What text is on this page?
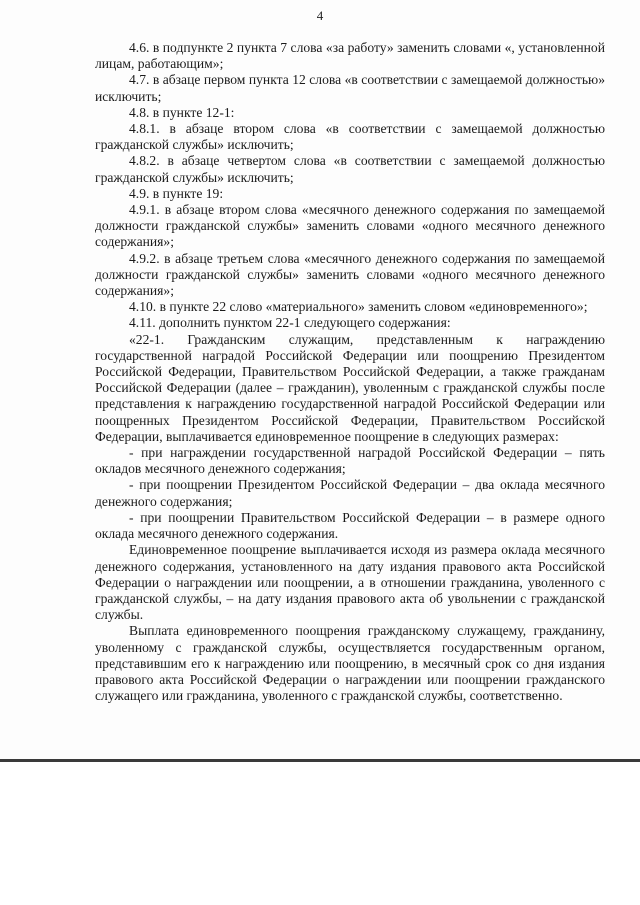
4

4.6. в подпункте 2 пункта 7 слова «за работу» заменить словами «, установленной лицам, работающим»;

4.7. в абзаце первом пункта 12 слова «в соответствии с замещаемой должностью» исключить;

4.8. в пункте 12-1:

4.8.1. в абзаце втором слова «в соответствии с замещаемой должностью гражданской службы» исключить;

4.8.2. в абзаце четвертом слова «в соответствии с замещаемой должностью гражданской службы» исключить;

4.9. в пункте 19:

4.9.1. в абзаце втором слова «месячного денежного содержания по замещаемой должности гражданской службы» заменить словами «одного месячного денежного содержания»;

4.9.2. в абзаце третьем слова «месячного денежного содержания по замещаемой должности гражданской службы» заменить словами «одного месячного денежного содержания»;

4.10. в пункте 22 слово «материального» заменить словом «единовременного»;

4.11. дополнить пунктом 22-1 следующего содержания:

«22-1. Гражданским служащим, представленным к награждению государственной наградой Российской Федерации или поощрению Президентом Российской Федерации, Правительством Российской Федерации, а также гражданам Российской Федерации (далее – гражданин), уволенным с гражданской службы после представления к награждению государственной наградой Российской Федерации или поощренных Президентом Российской Федерации, Правительством Российской Федерации, выплачивается единовременное поощрение в следующих размерах:

- при награждении государственной наградой Российской Федерации – пять окладов месячного денежного содержания;

- при поощрении Президентом Российской Федерации – два оклада месячного денежного содержания;

- при поощрении Правительством Российской Федерации – в размере одного оклада месячного денежного содержания.

Единовременное поощрение выплачивается исходя из размера оклада месячного денежного содержания, установленного на дату издания правового акта Российской Федерации о награждении или поощрении, а в отношении гражданина, уволенного с гражданской службы, – на дату издания правового акта об увольнении с гражданской службы.

Выплата единовременного поощрения гражданскому служащему, гражданину, уволенному с гражданской службы, осуществляется государственным органом, представившим его к награждению или поощрению, в месячный срок со дня издания правового акта Российской Федерации о награждении или поощрении гражданского служащего или гражданина, уволенного с гражданской службы, соответственно.
